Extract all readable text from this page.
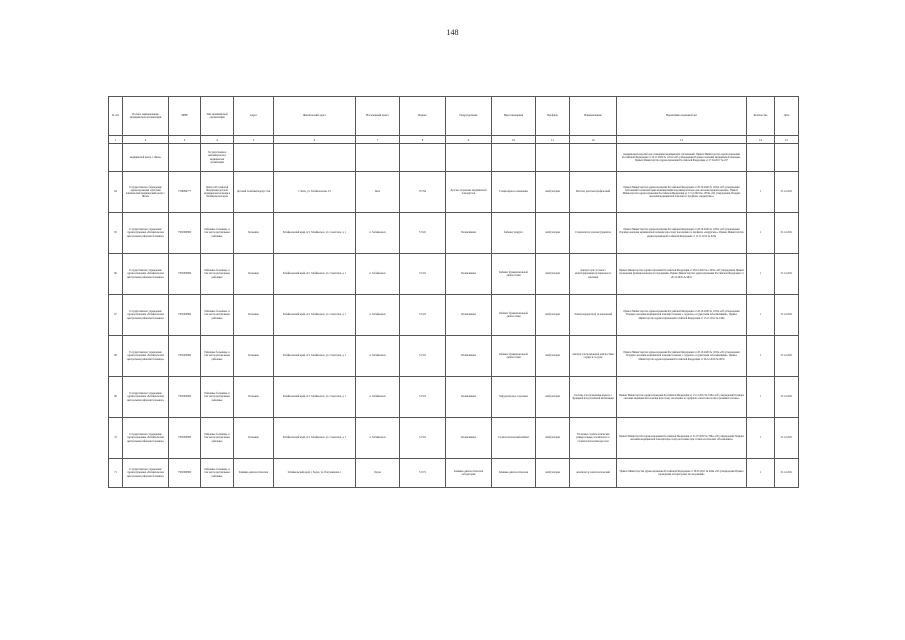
148
№ п/п	Полное наименование медицинской организации	ИНН	Тип медицинской организации	Адрес	Фактический адрес	Населенный пункт	Индекс	Подразделение	Вид помещения	Профиль	Наименование	Нормативно-правовой акт	Количество	Дата
1	2	3	4	5	6	7	8	9	10	11	12	13	14	15
	медицинской центр г. Читы»		Государственное некоммерческое медицинская организация									медицинских изделий для оснащения медицинских организаций. Приказ Министерства здравоохранения Российской Федерации от 10.11.2020 № 1221н «Об утверждении Порядка оказания медицинской помощи». Приказ Министерства здравоохранения Российской Федерации от 27.04.2017 № 227		
64	Государственное учреждение здравоохранения «Детский клинический медицинский центр г. Читы»	7536099777	Центр в Российской Федерации детской медицинской помощи в Забайкальском крае	Детский лечебный корпус №4	г. Чита, ул. Забайкальская, 23	Чита	76 764	Детское отделение медицинской помощи №4	Стационарное помещение	Амбулатория	Рентген, рентгенографический	Приказ Министерства здравоохранения Российской Федерации от 28.10.2020 № 1165н «Об утверждении требований к комплектации медицинскими изделиями аптечек для оказания первой помощи». Приказ Министерства здравоохранения Российской Федерации от 17.12.2019 № 1053н «Об утверждении Порядка оказания медицинской помощи по профилю «педиатрия»»	1	31.12.2021
65	Государственное учреждение здравоохранения «Забайкальская центральная районная больница»	7505000890	Районные больницы, в том числе центральные районные	Больница	Забайкальский край, пгт. Забайкальск, ул. Советская, д. 1	п. Забайкальск	74 321	Поликлиника	Кабинет хирурга	Амбулатория	Стерилизатор для инструментов	Приказ Министерства здравоохранения Российской Федерации от 28.10.2020 № 1165н «Об утверждении Порядка оказания медицинской помощи взрослому населению по профилю «хирургия»». Приказ Министерства здравоохранения Российской Федерации от 15.11.2012 № 922н	1	31.12.2021
66	Государственное учреждение здравоохранения «Забайкальская центральная районная больница»	7505000890	Районные больницы, в том числе центральные районные	Больница	Забайкальский край, пгт. Забайкальск, ул. Советская, д. 1	п. Забайкальск	74 321	Поликлиника	Кабинет функциональной диагностики	Амбулатория	Аппарат для суточного мониторирования артериального давления	Приказ Министерства здравоохранения Российской Федерации от 28.10.2020 № 1165н «Об утверждении Правил проведения функциональных исследований». Приказ Министерства здравоохранения Российской Федерации от 26.12.2016 № 997н	1	31.12.2021
67	Государственное учреждение здравоохранения «Забайкальская центральная районная больница»	7505000890	Районные больницы, в том числе центральные районные	Больница	Забайкальский край, пгт. Забайкальск, ул. Советская, д. 1	п. Забайкальск	74 321	Поликлиника	Кабинет функциональной диагностики	Амбулатория	Электрокардиограф 12-канальный	Приказ Министерства здравоохранения Российской Федерации от 28.10.2020 № 1165н «Об утверждении Порядка оказания медицинской помощи больным с сердечно-сосудистыми заболеваниями». Приказ Министерства здравоохранения Российской Федерации от 15.11.2012 № 918н	1	31.12.2021
68	Государственное учреждение здравоохранения «Забайкальская центральная районная больница»	7505000890	Районные больницы, в том числе центральные районные	Больница	Забайкальский край, пгт. Забайкальск, ул. Советская, д. 1	п. Забайкальск	74 321	Поликлиника	Кабинет функциональной диагностики	Амбулатория	Аппарат ультразвуковой диагностики сердца и сосудов	Приказ Министерства здравоохранения Российской Федерации от 28.10.2020 № 1165н «Об утверждении Порядка оказания медицинской помощи больным с сердечно-сосудистыми заболеваниями». Приказ Министерства здравоохранения Российской Федерации от 26.12.2016 № 997н	1	31.12.2021
69	Государственное учреждение здравоохранения «Забайкальская центральная районная больница»	7505000890	Районные больницы, в том числе центральные районные	Больница	Забайкальский край, пгт. Забайкальск, ул. Советская, д. 1	п. Забайкальск	74 321	Поликлиника	Хирургическое отделение	Амбулатория	Система для проведения наркоза с функцией искусственной вентиляции	Приказ Министерства здравоохранения Российской Федерации от 15.11.2012 № 919н «Об утверждении Порядка оказания медицинской помощи взрослому населению по профилю «анестезиология и реаниматология»»	1	31.12.2021
70	Государственное учреждение здравоохранения «Забайкальская центральная районная больница»	7505000890	Районные больницы, в том числе центральные районные	Больница	Забайкальский край, пгт. Забайкальск, ул. Советская, д. 1	п. Забайкальск	74 321	Поликлиника	Стоматологический кабинет	Амбулатория	Установка стоматологическая универсальная, в комплекте со стоматологическим креслом	Приказ Министерства здравоохранения Российской Федерации от 31.07.2020 № 786н «Об утверждении Порядка оказания медицинской помощи взрослому населению при стоматологических заболеваниях»	1	31.12.2021
71	Государственное учреждение здравоохранения «Забайкальская центральная районная больница»	7505000890	Районные больницы, в том числе центральные районные	Клинико-диагностическая	Забайкальский край, г. Борзя, ул. Пограничная, 1	Борзя	74 371	Клинико-диагностическая лаборатория	Клинико-диагностическая	Амбулатория	Анализатор гематологический	Приказ Министерства здравоохранения Российской Федерации от 18.05.2021 № 464н «Об утверждении Правил проведения лабораторных исследований»	1	31.12.2021
